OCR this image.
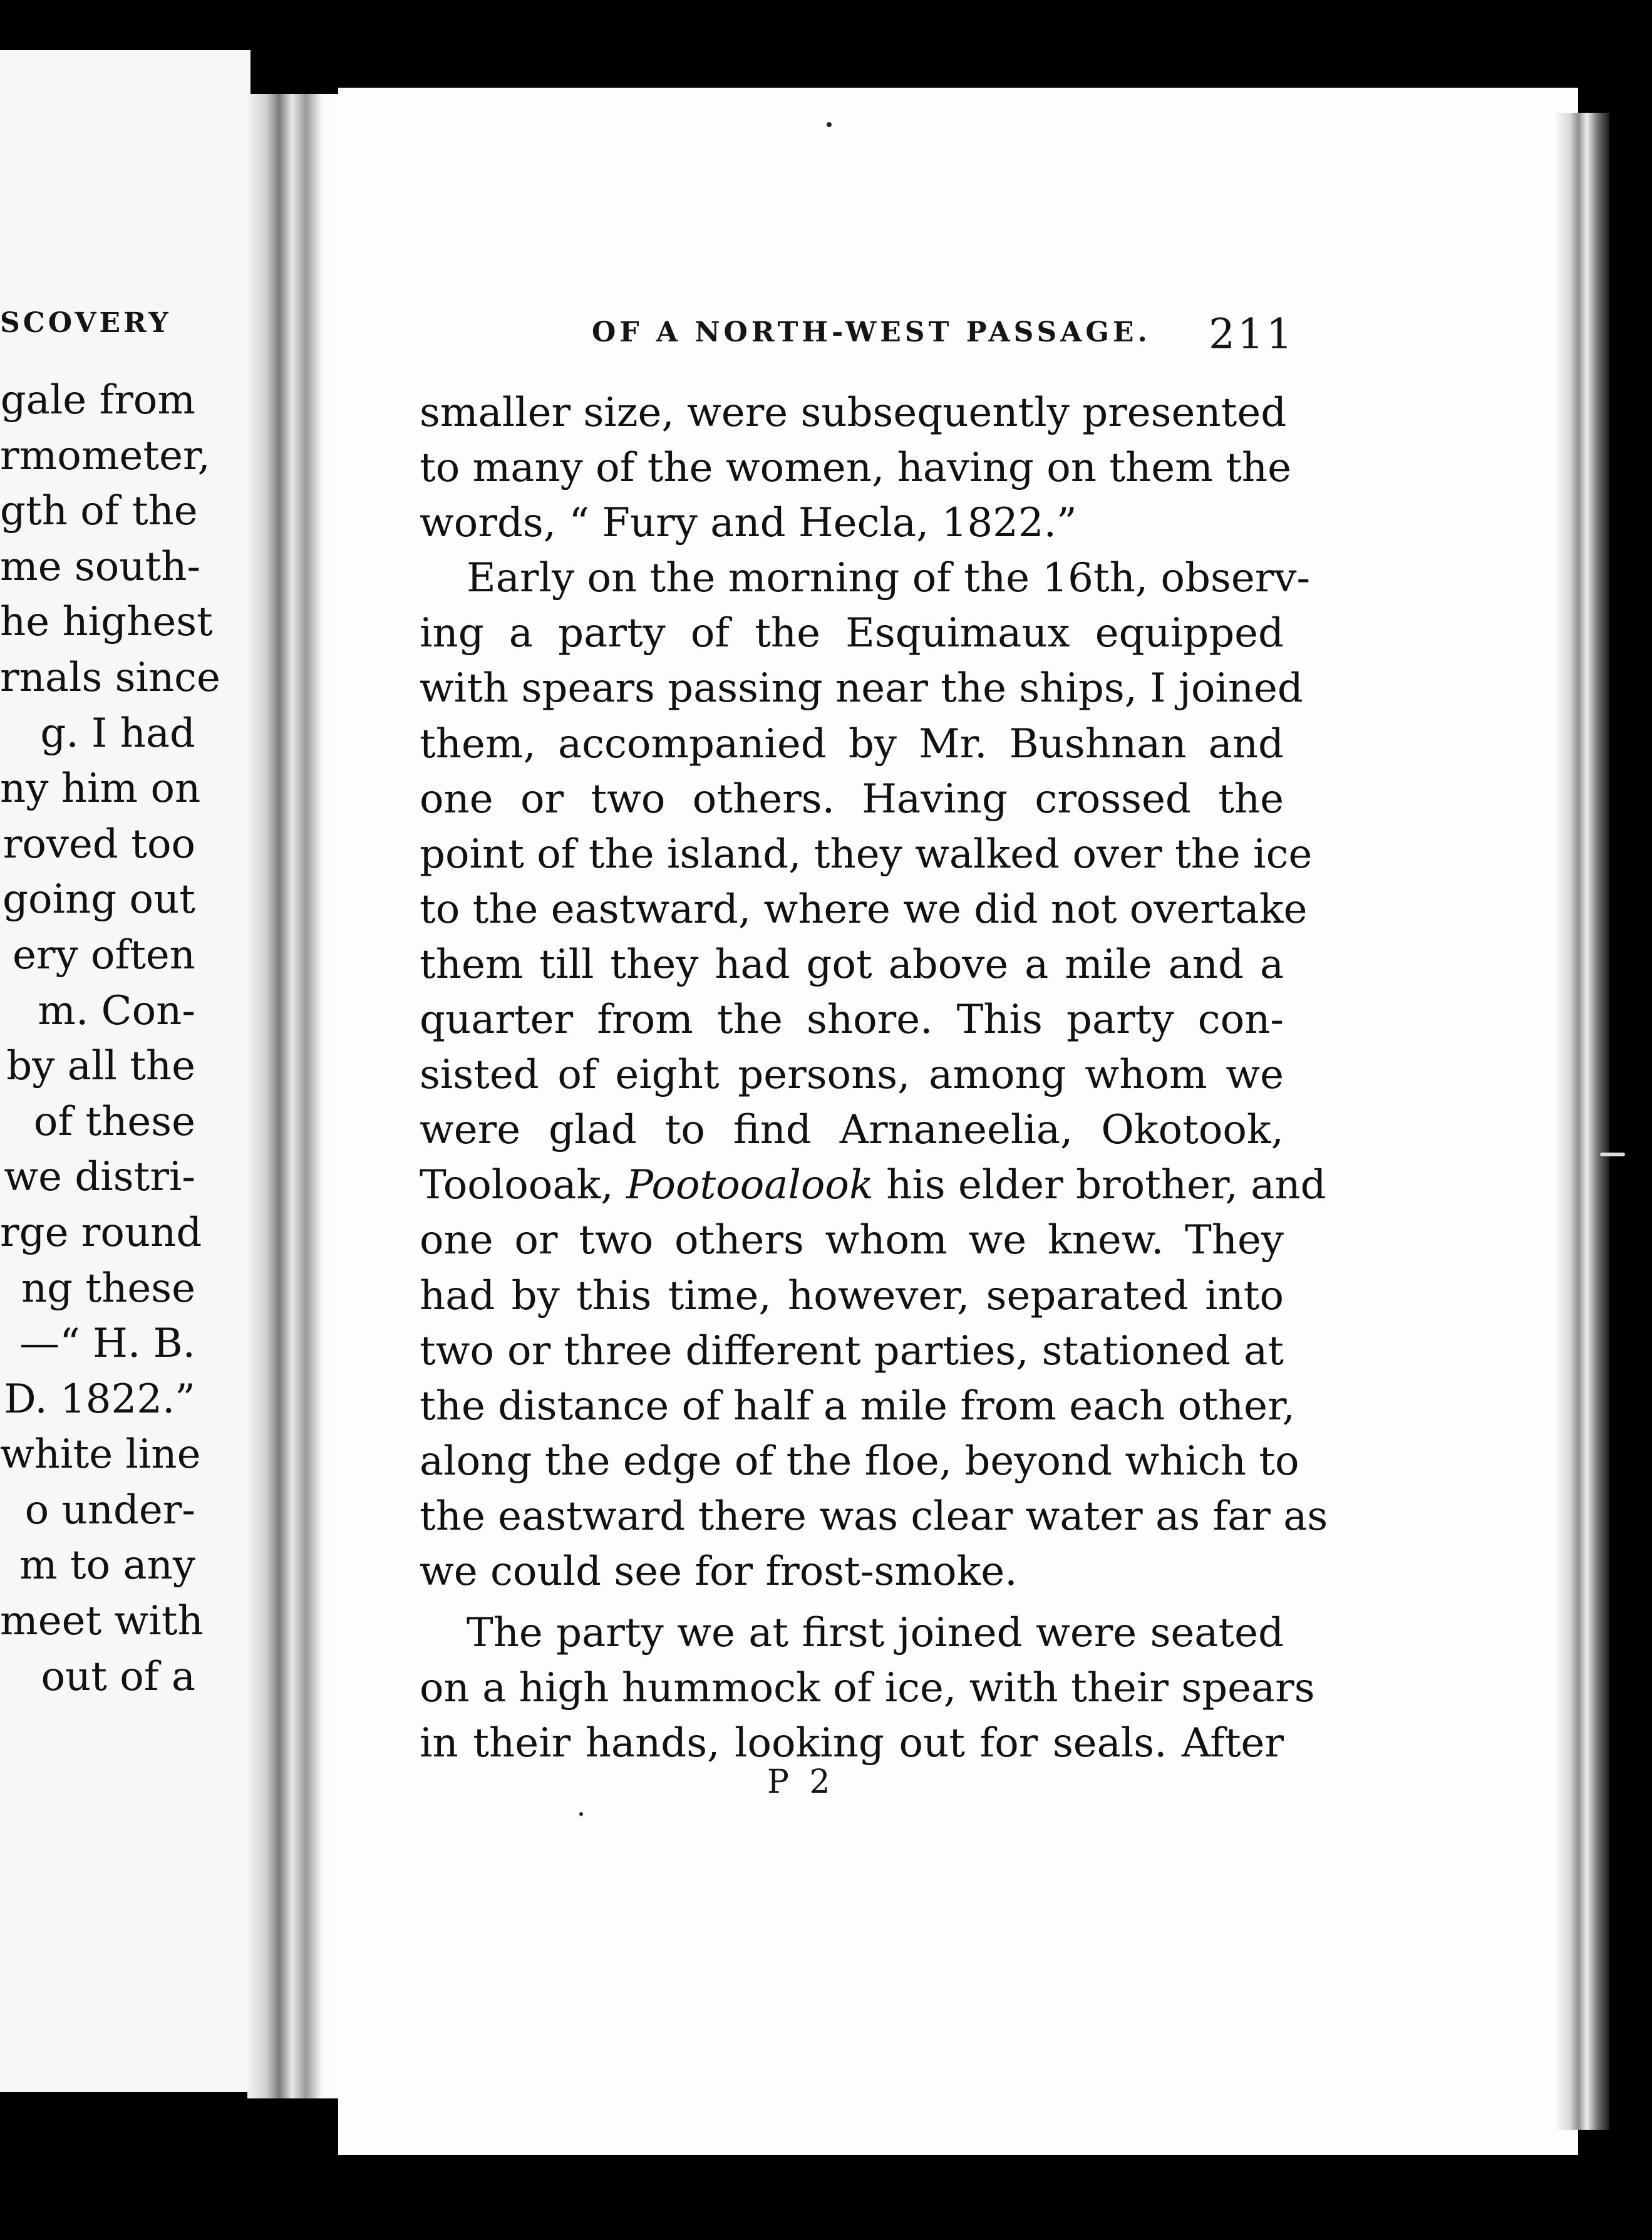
SCOVERY
gale from
rmometer,
gth of the
me south-
he highest
rnals since
g. I had
ny him on
roved too
going out
ery often
m. Con-
by all the
of these
we distri-
rge round
ng these
—“ H. B.
D. 1822.”
white line
o under-
m to any
meet with
out of a
OF A NORTH-WEST PASSAGE. 211
smaller size, were subsequently presented
to many of the women, having on them the
words, “ Fury and Hecla, 1822.”
Early on the morning of the 16th, observ-
ing a party of the Esquimaux equipped
with spears passing near the ships, I joined
them, accompanied by Mr. Bushnan and
one or two others. Having crossed the
point of the island, they walked over the ice
to the eastward, where we did not overtake
them till they had got above a mile and a
quarter from the shore. This party con-
sisted of eight persons, among whom we
were glad to find Arnaneelia, Okotook,
Toolooak, Pootooalook his elder brother, and
one or two others whom we knew. They
had by this time, however, separated into
two or three different parties, stationed at
the distance of half a mile from each other,
along the edge of the floe, beyond which to
the eastward there was clear water as far as
we could see for frost-smoke.
The party we at first joined were seated
on a high hummock of ice, with their spears
in their hands, looking out for seals. After
P 2
